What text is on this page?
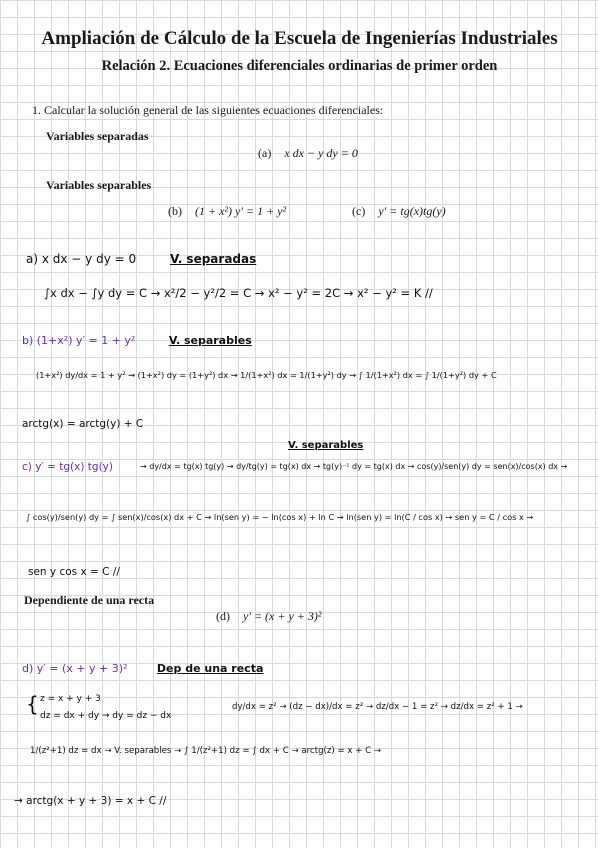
Ampliación de Cálculo de la Escuela de Ingenierías Industriales
Relación 2. Ecuaciones diferenciales ordinarias de primer orden
1. Calcular la solución general de las siguientes ecuaciones diferenciales:
Variables separadas
(a) x dx − y dy = 0
Variables separables
(b) (1 + x²) y′ = 1 + y²	(c) y′ = tg(x)tg(y)
a) x dx − y dy = 0	V. separadas
∫x dx − ∫y dy = C → x²/2 − y²/2 = C → x² − y² = 2C → x² − y² = K //
b) (1+x²) y′ = 1 + y²	V. separables
(1+x²) dy/dx = 1 + y² → (1+x²) dy = (1+y²) dx → 1/(1+x²) dx = 1/(1+y²) dy → ∫ 1/(1+x²) dx = ∫ 1/(1+y²) dy + C
arctg(x) = arctg(y) + C
V. separables
c) y′ = tg(x) tg(y)	→ dy/dx = tg(x) tg(y) → dy/tg(y) = tg(x) dx → tg(y)⁻¹ dy = tg(x) dx → cos(y)/sen(y) dy = sen(x)/cos(x) dx →
∫ cos(y)/sen(y) dy = ∫ sen(x)/cos(x) dx + C → ln(sen y) = − ln(cos x) + ln C → ln(sen y) = ln(C / cos x) → sen y = C / cos x →
sen y cos x = C //
Dependiente de una recta
(d) y′ = (x + y + 3)²
d) y′ = (x + y + 3)²	Dep de una recta
{ z = x + y + 3
dz = dx + dy → dy = dz − dx
dy/dx = z² → (dz − dx)/dx = z² → dz/dx − 1 = z² → dz/dx = z² + 1 →
1/(z²+1) dz = dx → V. separables → ∫ 1/(z²+1) dz = ∫ dx + C → arctg(z) = x + C →
→ arctg(x + y + 3) = x + C //
